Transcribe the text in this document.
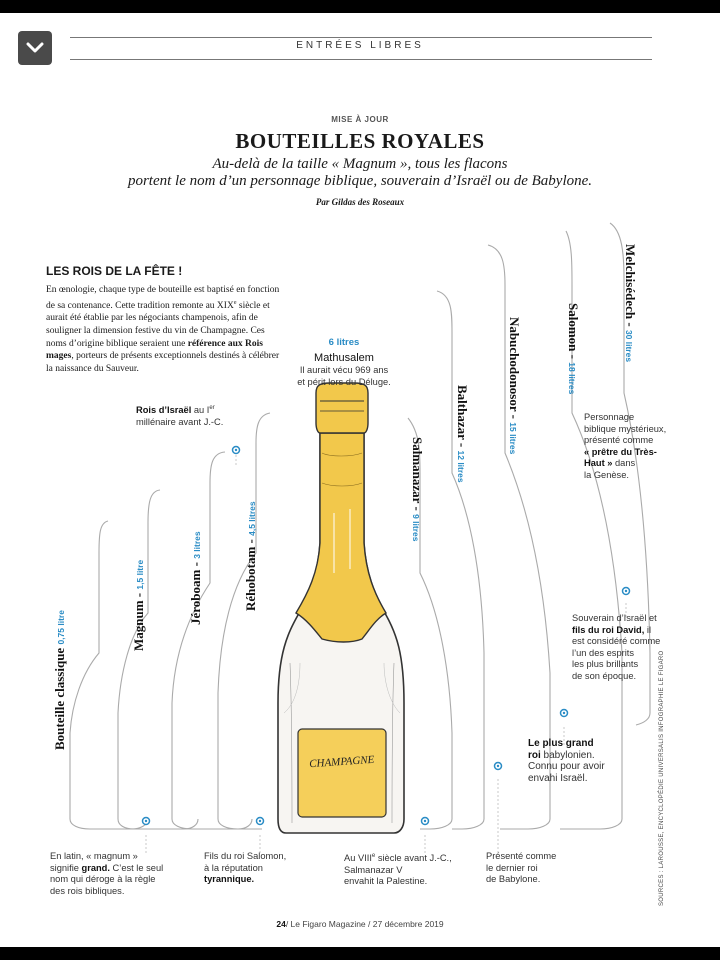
ENTRÉES LIBRES
MISE À JOUR
BOUTEILLES ROYALES
Au-delà de la taille « Magnum », tous les flacons
portent le nom d’un personnage biblique, souverain d’Israël ou de Babylone.
Par Gildas des Roseaux
LES ROIS DE LA FÊTE !
En œnologie, chaque type de bouteille est baptisé en fonction de sa contenance. Cette tradition remonte au XIXe siècle et aurait été établie par les négociants champenois, afin de souligner la dimension festive du vin de Champagne. Ces noms d’origine biblique seraient une référence aux Rois mages, porteurs de présents exceptionnels destinés à célébrer la naissance du Sauveur.
CHAMPAGNE
6 litres
Mathusalem
Il aurait vécu 969 ans
et périt lors du Déluge.
Bouteille classique 0,75 litre	Magnum - 1,5 litre	Jéroboam - 3 litres
Réhobotam - 4,5 litres
Salmanazar - 9 litres
Balthazar - 12 litres
Nabuchodonosor - 15 litres
Salomon - 18 litres
Melchisédech - 30 litres
Rois d’Israël au Ier
millénaire avant J.-C.
En latin, « magnum »
signifie grand. C’est le seul
nom qui déroge à la règle
des rois bibliques.
Fils du roi Salomon,
à la réputation
tyrannique.
Au VIIIe siècle avant J.-C.,
Salmanazar V
envahit la Palestine.
Présenté comme
le dernier roi
de Babylone.
Le plus grand
roi babylonien.
Connu pour avoir
envahi Israël.
Souverain d’Israël et
fils du roi David, il
est considéré comme
l’un des esprits
les plus brillants
de son époque.
Personnage
biblique mystérieux,
présenté comme
« prêtre du Très-
Haut » dans
la Genèse.
SOURCES : LAROUSSE, ENCYCLOPÉDIE UNIVERSALIS INFOGRAPHIE LE FIGARO
24/ Le Figaro Magazine / 27 décembre 2019
